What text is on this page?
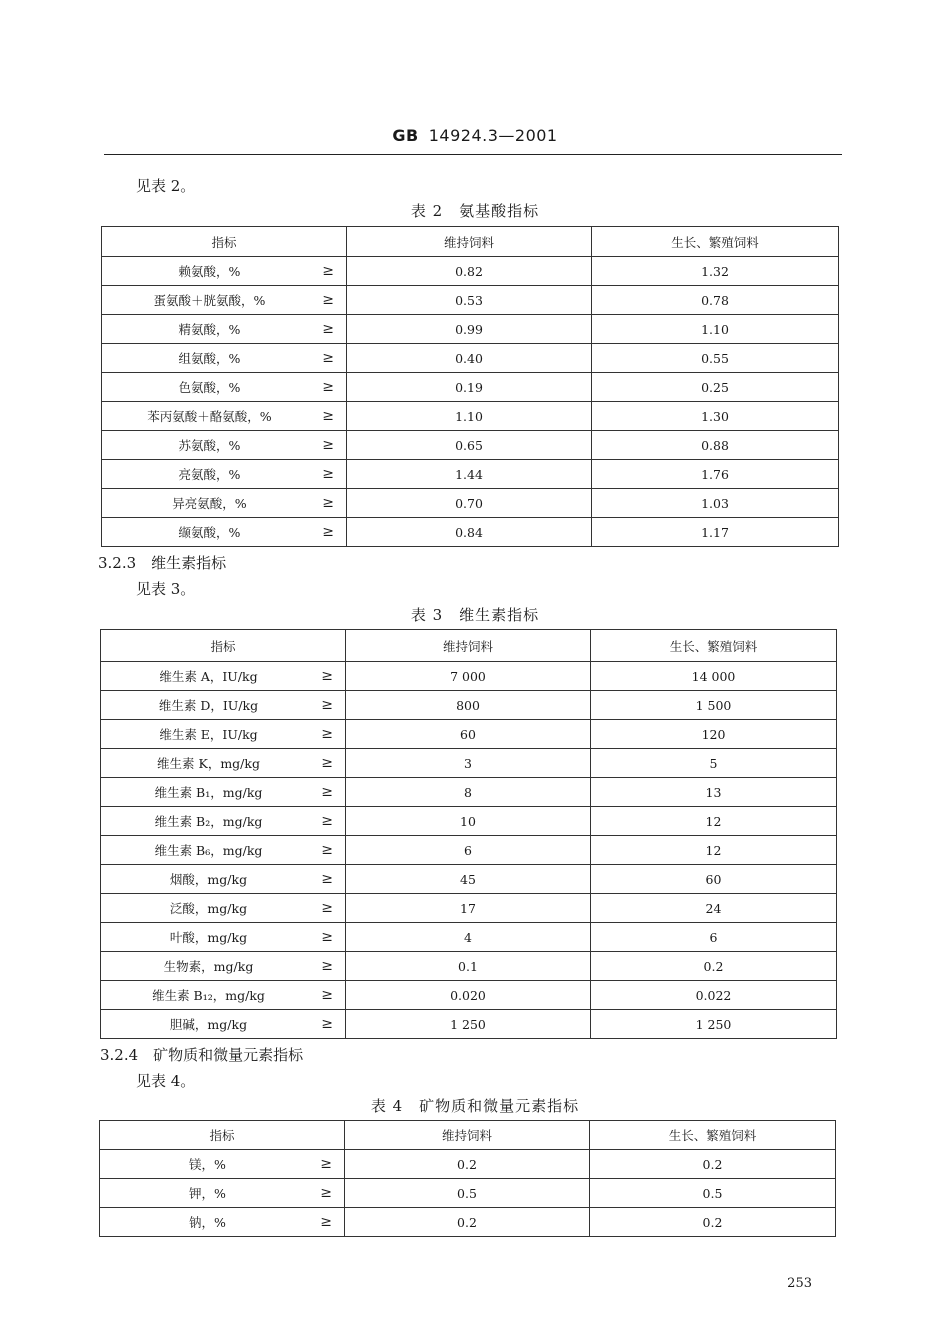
GB 14924.3—2001
见表 2。
表 2　氨基酸指标
指标	维持饲料	生长、繁殖饲料

赖氨酸，% ≥	0.82	1.32

蛋氨酸＋胱氨酸，% ≥	0.53	0.78

精氨酸，% ≥	0.99	1.10

组氨酸，% ≥	0.40	0.55

色氨酸，% ≥	0.19	0.25

苯丙氨酸＋酪氨酸，% ≥	1.10	1.30

苏氨酸，% ≥	0.65	0.88

亮氨酸，% ≥	1.44	1.76

异亮氨酸，% ≥	0.70	1.03

缬氨酸，% ≥	0.84	1.17
3.2.3　维生素指标
见表 3。
表 3　维生素指标
指标	维持饲料	生长、繁殖饲料

维生素 A，IU/kg ≥	7 000	14 000

维生素 D，IU/kg ≥	800	1 500

维生素 E，IU/kg ≥	60	120

维生素 K，mg/kg ≥	3	5

维生素 B₁，mg/kg ≥	8	13

维生素 B₂，mg/kg ≥	10	12

维生素 B₆，mg/kg ≥	6	12

烟酸，mg/kg ≥	45	60

泛酸，mg/kg ≥	17	24

叶酸，mg/kg ≥	4	6

生物素，mg/kg ≥	0.1	0.2

维生素 B₁₂，mg/kg ≥	0.020	0.022

胆碱，mg/kg ≥	1 250	1 250
3.2.4　矿物质和微量元素指标
见表 4。
表 4　矿物质和微量元素指标
指标	维持饲料	生长、繁殖饲料

镁，% ≥	0.2	0.2

钾，% ≥	0.5	0.5

钠，% ≥	0.2	0.2
253
